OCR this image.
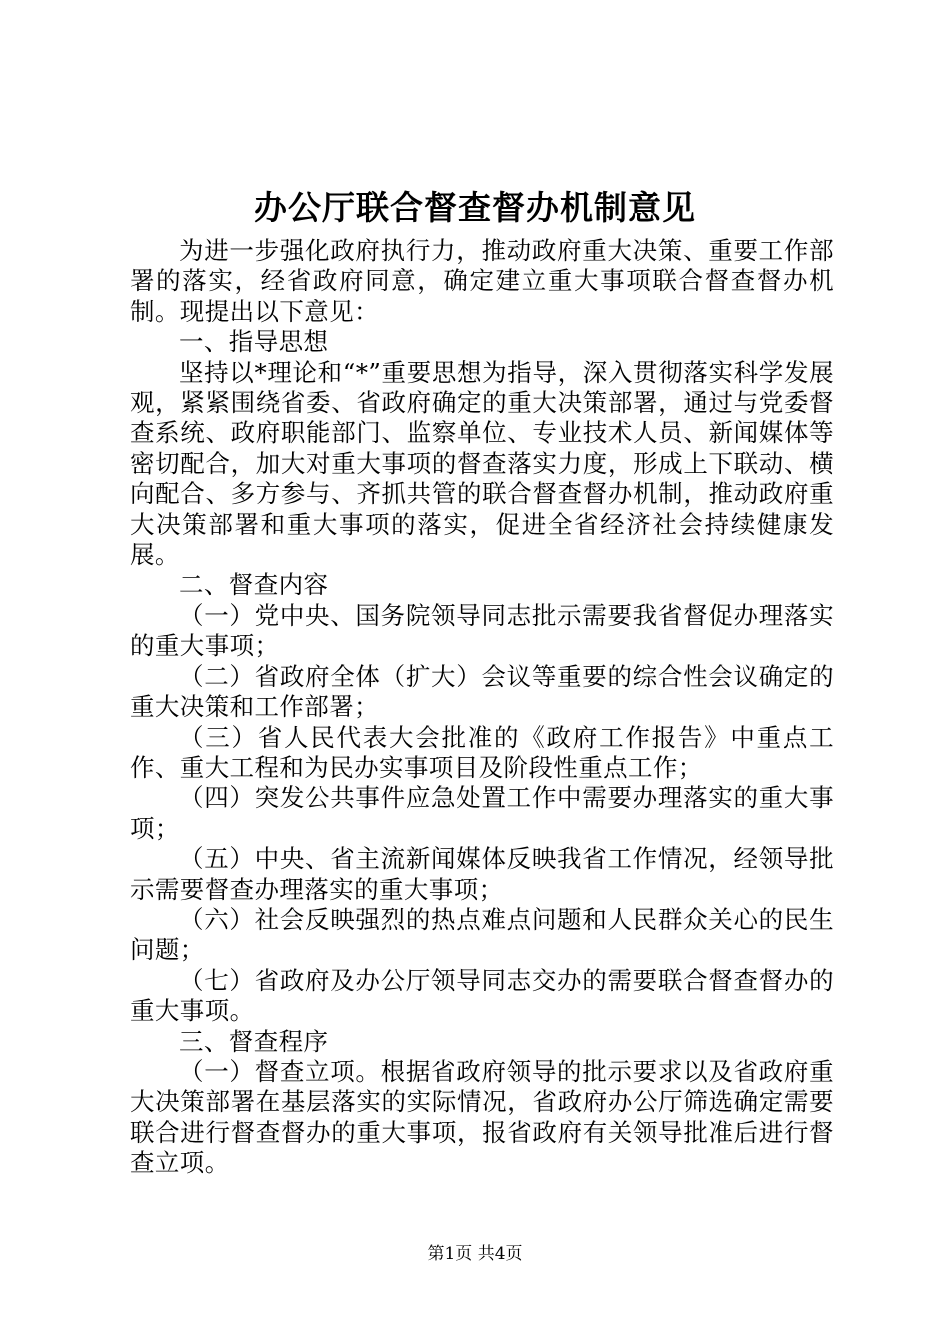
办公厅联合督查督办机制意见

为进一步强化政府执行力，推动政府重大决策、重要工作部署的落实，经省政府同意，确定建立重大事项联合督查督办机制。现提出以下意见：

一、指导思想

坚持以*理论和“*”重要思想为指导，深入贯彻落实科学发展观，紧紧围绕省委、省政府确定的重大决策部署，通过与党委督查系统、政府职能部门、监察单位、专业技术人员、新闻媒体等密切配合，加大对重大事项的督查落实力度，形成上下联动、横向配合、多方参与、齐抓共管的联合督查督办机制，推动政府重大决策部署和重大事项的落实，促进全省经济社会持续健康发展。

二、督查内容

（一）党中央、国务院领导同志批示需要我省督促办理落实的重大事项；

（二）省政府全体（扩大）会议等重要的综合性会议确定的重大决策和工作部署；

（三）省人民代表大会批准的《政府工作报告》中重点工作、重大工程和为民办实事项目及阶段性重点工作；

（四）突发公共事件应急处置工作中需要办理落实的重大事项；

（五）中央、省主流新闻媒体反映我省工作情况，经领导批示需要督查办理落实的重大事项；

（六）社会反映强烈的热点难点问题和人民群众关心的民生问题；

（七）省政府及办公厅领导同志交办的需要联合督查督办的重大事项。

三、督查程序

（一）督查立项。根据省政府领导的批示要求以及省政府重大决策部署在基层落实的实际情况，省政府办公厅筛选确定需要联合进行督查督办的重大事项，报省政府有关领导批准后进行督查立项。

第1页 共4页
